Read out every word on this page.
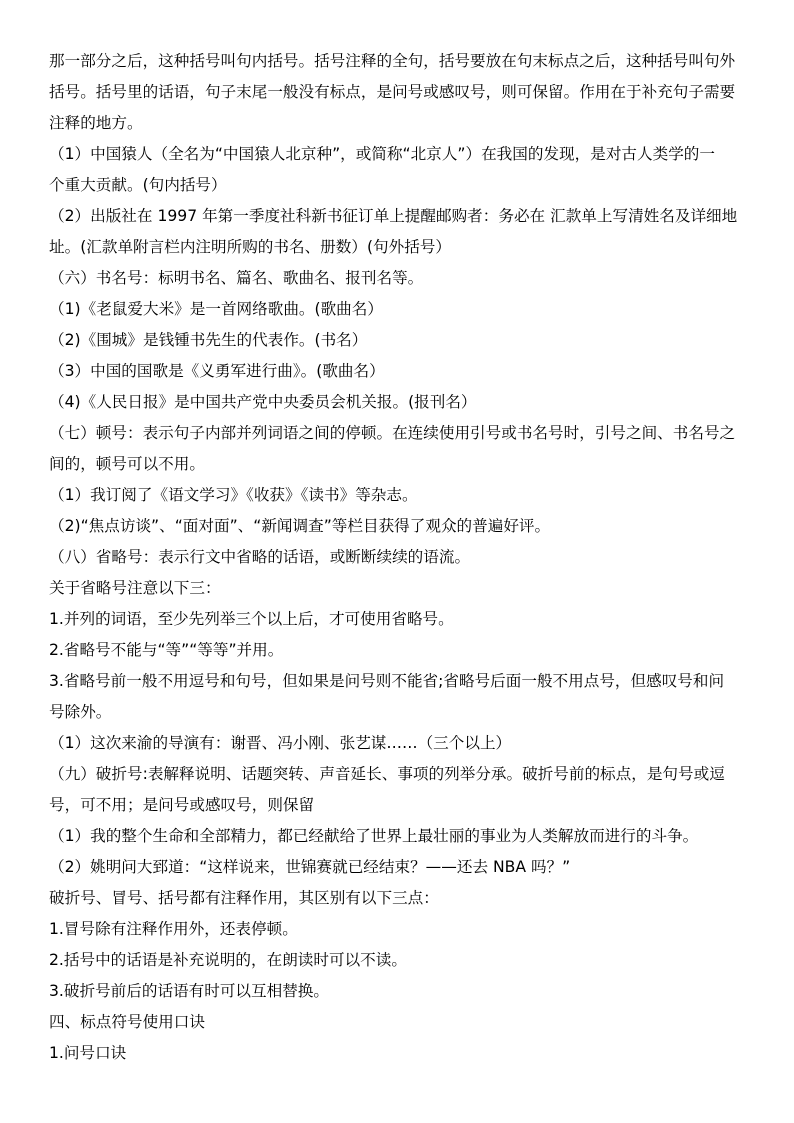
那一部分之后，这种括号叫句内括号。括号注释的全句，括号要放在句末标点之后，这种括号叫句外

括号。括号里的话语，句子末尾一般没有标点，是问号或感叹号，则可保留。作用在于补充句子需要

注释的地方。

（1）中国猿人（全名为“中国猿人北京种”，或简称“北京人”）在我国的发现，是对古人类学的一

个重大贡献。(句内括号）

（2）出版社在 1997 年第一季度社科新书征订单上提醒邮购者：务必在 汇款单上写清姓名及详细地

址。(汇款单附言栏内注明所购的书名、册数）(句外括号）

（六）书名号：标明书名、篇名、歌曲名、报刊名等。

（1)《老鼠爱大米》是一首网络歌曲。(歌曲名）

（2)《围城》是钱锺书先生的代表作。(书名）

（3）中国的国歌是《义勇军进行曲》。(歌曲名）

（4)《人民日报》是中国共产党中央委员会机关报。(报刊名）

（七）顿号：表示句子内部并列词语之间的停顿。在连续使用引号或书名号时，引号之间、书名号之

间的，顿号可以不用。

（1）我订阅了《语文学习》《收获》《读书》等杂志。

（2)“焦点访谈”、“面对面”、“新闻调查”等栏目获得了观众的普遍好评。

（八）省略号：表示行文中省略的话语，或断断续续的语流。

关于省略号注意以下三：

1.并列的词语，至少先列举三个以上后，才可使用省略号。

2.省略号不能与“等”“等等”并用。

3.省略号前一般不用逗号和句号，但如果是问号则不能省;省略号后面一般不用点号，但感叹号和问

号除外。

（1）这次来渝的导演有：谢晋、冯小刚、张艺谋……（三个以上）

（九）破折号:表解释说明、话题突转、声音延长、事项的列举分承。破折号前的标点，是句号或逗

号，可不用；是问号或感叹号，则保留

（1）我的整个生命和全部精力，都已经献给了世界上最壮丽的事业为人类解放而进行的斗争。

（2）姚明问大郅道：“这样说来，世锦赛就已经结束？——还去 NBA 吗？”

破折号、冒号、括号都有注释作用，其区别有以下三点：

1.冒号除有注释作用外，还表停顿。

2.括号中的话语是补充说明的，在朗读时可以不读。

3.破折号前后的话语有时可以互相替换。

四、标点符号使用口诀

1.问号口诀
